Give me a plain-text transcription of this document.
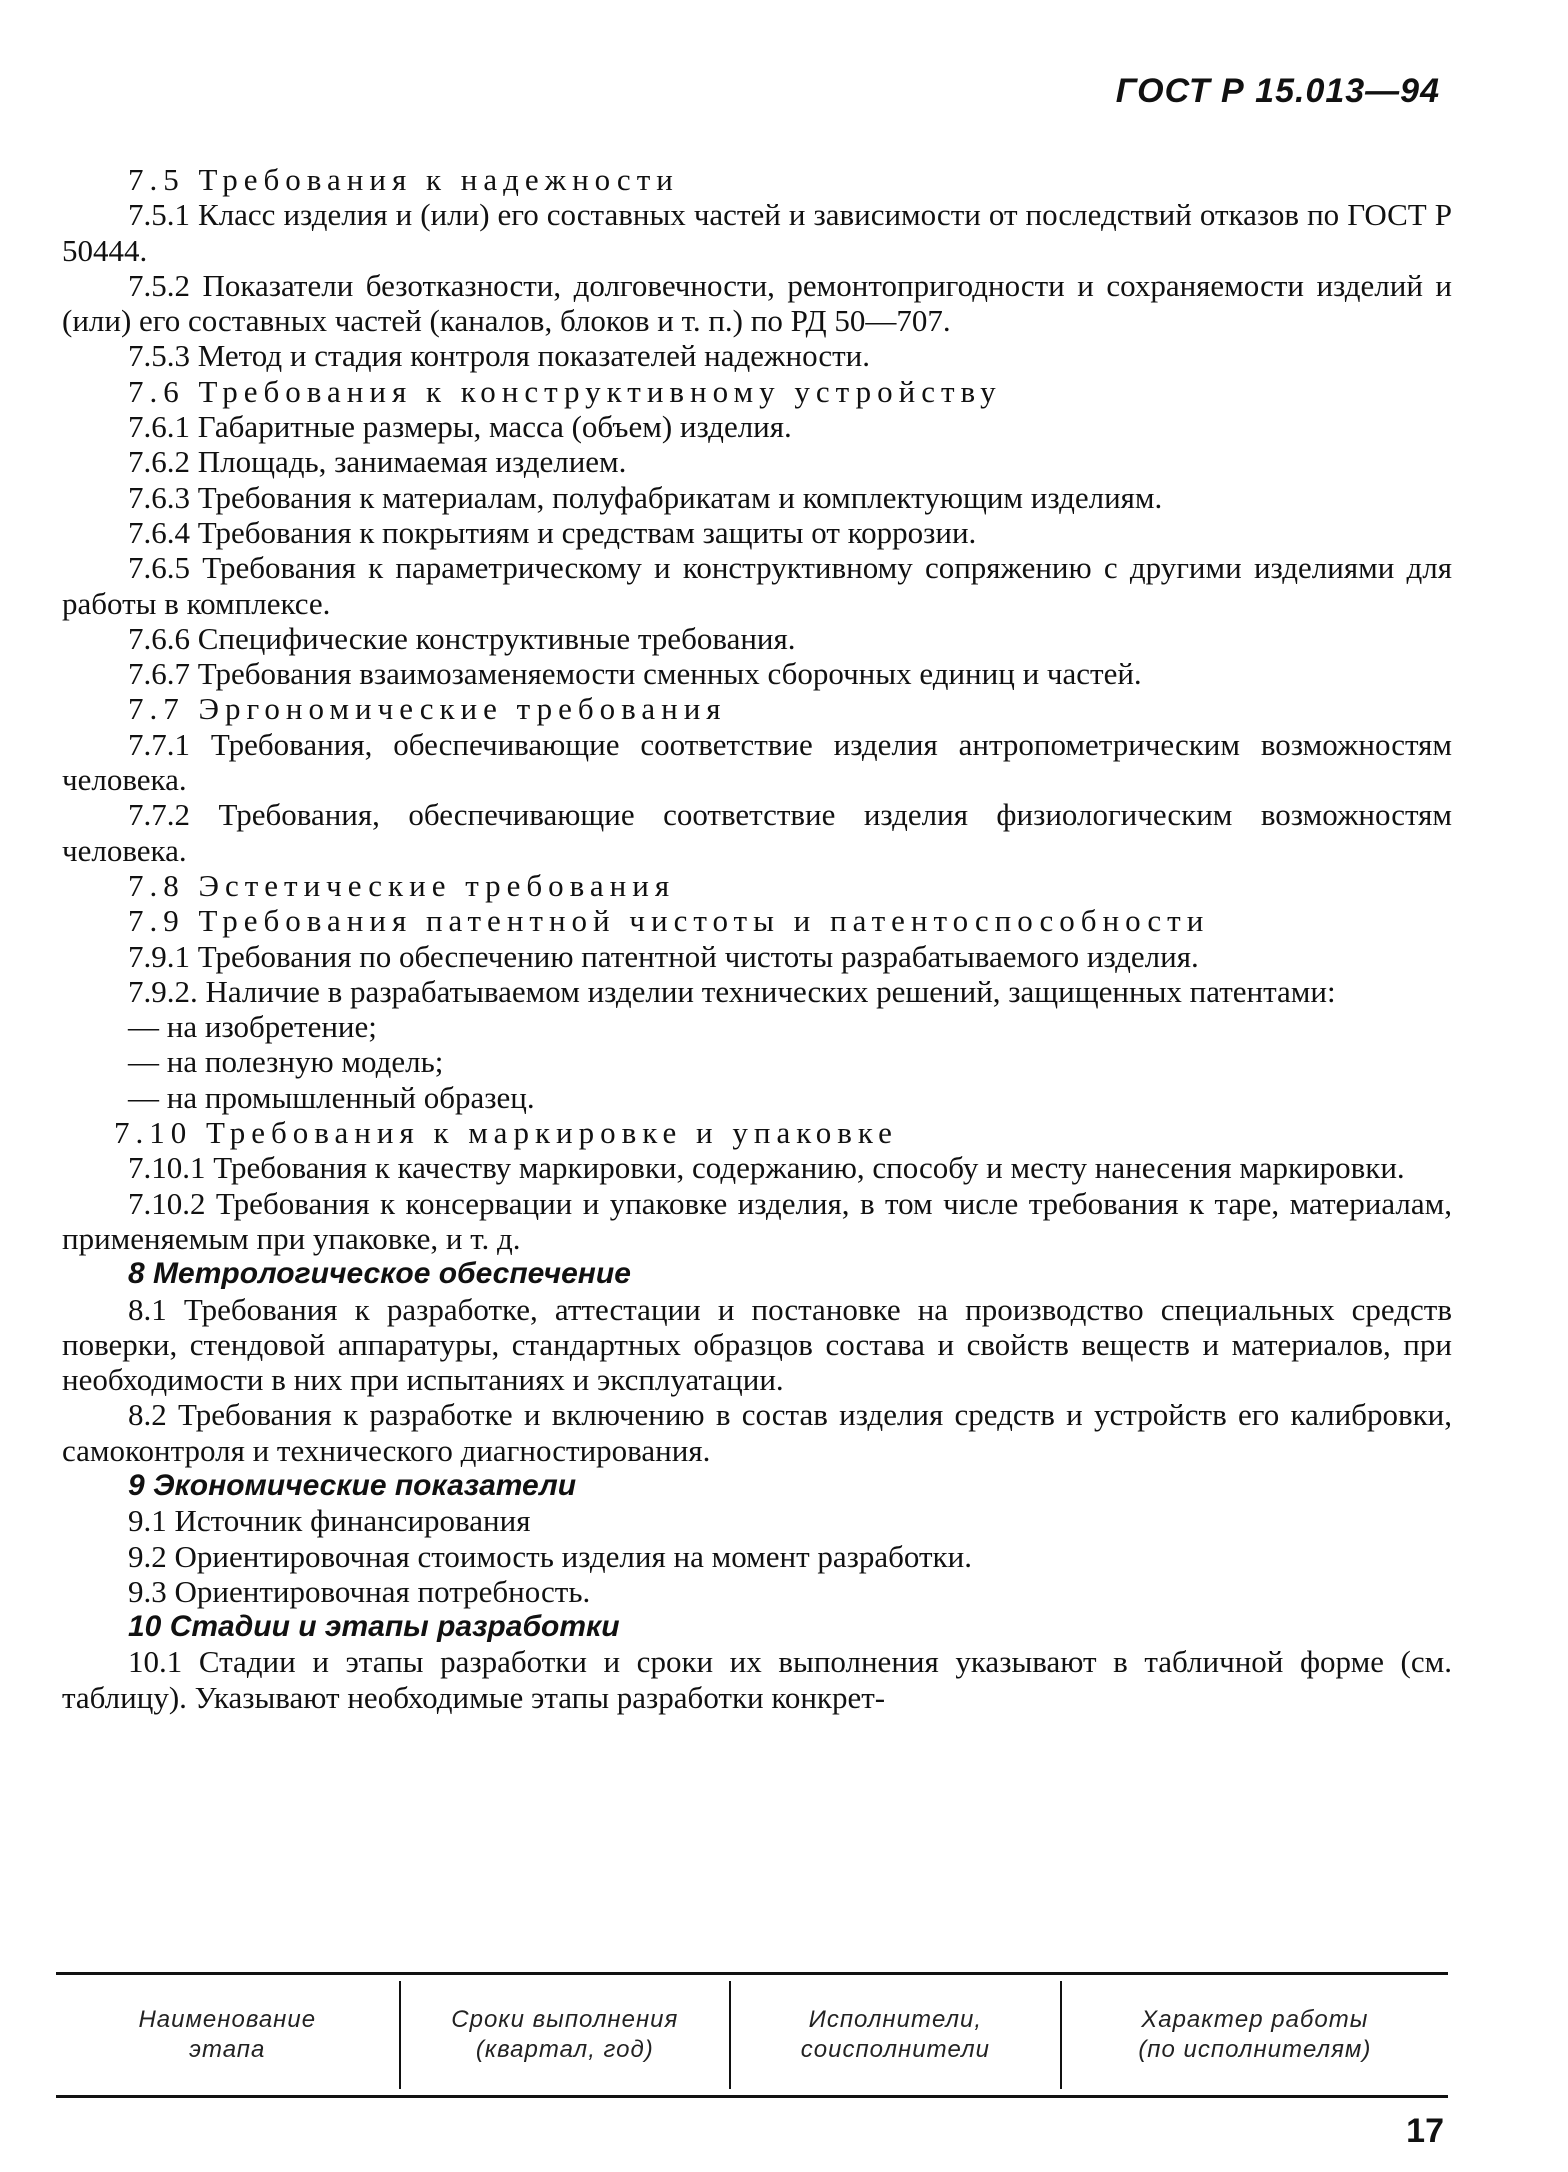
ГОСТ Р 15.013—94

7.5 Требования к надежности

7.5.1 Класс изделия и (или) его составных частей и зависимости от последствий отказов по ГОСТ Р 50444.

7.5.2 Показатели безотказности, долговечности, ремонтопригодности и сохраняемости изделий и (или) его составных частей (каналов, блоков и т. п.) по РД 50—707.

7.5.3 Метод и стадия контроля показателей надежности.

7.6 Требования к конструктивному устройству

7.6.1 Габаритные размеры, масса (объем) изделия.

7.6.2 Площадь, занимаемая изделием.

7.6.3 Требования к материалам, полуфабрикатам и комплектующим изделиям.

7.6.4 Требования к покрытиям и средствам защиты от коррозии.

7.6.5 Требования к параметрическому и конструктивному сопряжению с другими изделиями для работы в комплексе.

7.6.6 Специфические конструктивные требования.

7.6.7 Требования взаимозаменяемости сменных сборочных единиц и частей.

7.7 Эргономические требования

7.7.1 Требования, обеспечивающие соответствие изделия антропометрическим возможностям человека.

7.7.2 Требования, обеспечивающие соответствие изделия физиологическим возможностям человека.

7.8 Эстетические требования

7.9 Требования патентной чистоты и патентоспособности

7.9.1 Требования по обеспечению патентной чистоты разрабатываемого изделия.

7.9.2. Наличие в разрабатываемом изделии технических решений, защищенных патентами:

— на изобретение;

— на полезную модель;

— на промышленный образец.

7.10 Требования к маркировке и упаковке

7.10.1 Требования к качеству маркировки, содержанию, способу и месту нанесения маркировки.

7.10.2 Требования к консервации и упаковке изделия, в том числе требования к таре, материалам, применяемым при упаковке, и т. д.

8 Метрологическое обеспечение

8.1 Требования к разработке, аттестации и постановке на производство специальных средств поверки, стендовой аппаратуры, стандартных образцов состава и свойств веществ и материалов, при необходимости в них при испытаниях и эксплуатации.

8.2 Требования к разработке и включению в состав изделия средств и устройств его калибровки, самоконтроля и технического диагностирования.

9 Экономические показатели

9.1 Источник финансирования

9.2 Ориентировочная стоимость изделия на момент разработки.

9.3 Ориентировочная потребность.

10 Стадии и этапы разработки

10.1 Стадии и этапы разработки и сроки их выполнения указывают в табличной форме (см. таблицу). Указывают необходимые этапы разработки конкрет-

Наименование
этапа
Сроки выполнения
(квартал, год)
Исполнители,
соисполнители
Характер работы
(по исполнителям)
17
